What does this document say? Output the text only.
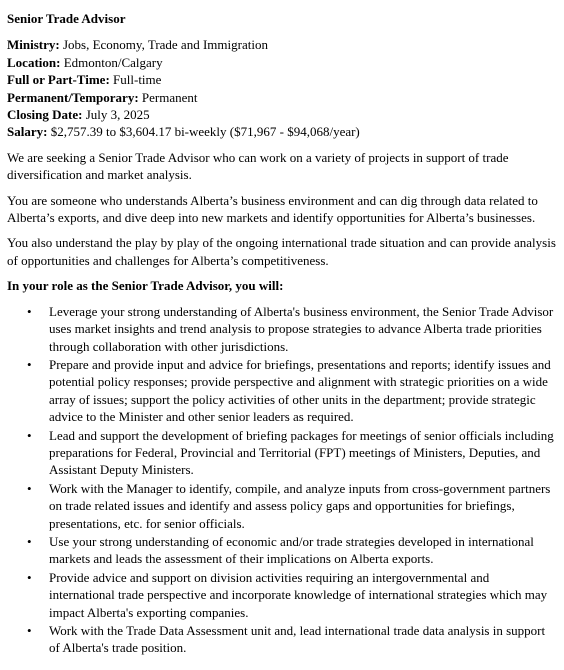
Senior Trade Advisor
Ministry: Jobs, Economy, Trade and Immigration
Location: Edmonton/Calgary
Full or Part-Time: Full-time
Permanent/Temporary: Permanent
Closing Date: July 3, 2025
Salary: $2,757.39 to $3,604.17 bi-weekly ($71,967 - $94,068/year)

We are seeking a Senior Trade Advisor who can work on a variety of projects in support of trade diversification and market analysis.

You are someone who understands Alberta’s business environment and can dig through data related to Alberta’s exports, and dive deep into new markets and identify opportunities for Alberta’s businesses.

You also understand the play by play of the ongoing international trade situation and can provide analysis of opportunities and challenges for Alberta’s competitiveness.

In your role as the Senior Trade Advisor, you will:
• Leverage your strong understanding of Alberta's business environment, the Senior Trade Advisor uses market insights and trend analysis to propose strategies to advance Alberta trade priorities through collaboration with other jurisdictions.
• Prepare and provide input and advice for briefings, presentations and reports; identify issues and potential policy responses; provide perspective and alignment with strategic priorities on a wide array of issues; support the policy activities of other units in the department; provide strategic advice to the Minister and other senior leaders as required.
• Lead and support the development of briefing packages for meetings of senior officials including preparations for Federal, Provincial and Territorial (FPT) meetings of Ministers, Deputies, and Assistant Deputy Ministers.
• Work with the Manager to identify, compile, and analyze inputs from cross-government partners on trade related issues and identify and assess policy gaps and opportunities for briefings, presentations, etc. for senior officials.
• Use your strong understanding of economic and/or trade strategies developed in international markets and leads the assessment of their implications on Alberta exports.
• Provide advice and support on division activities requiring an intergovernmental and international trade perspective and incorporate knowledge of international strategies which may impact Alberta's exporting companies.
• Work with the Trade Data Assessment unit and, lead international trade data analysis in support of Alberta's trade position.
